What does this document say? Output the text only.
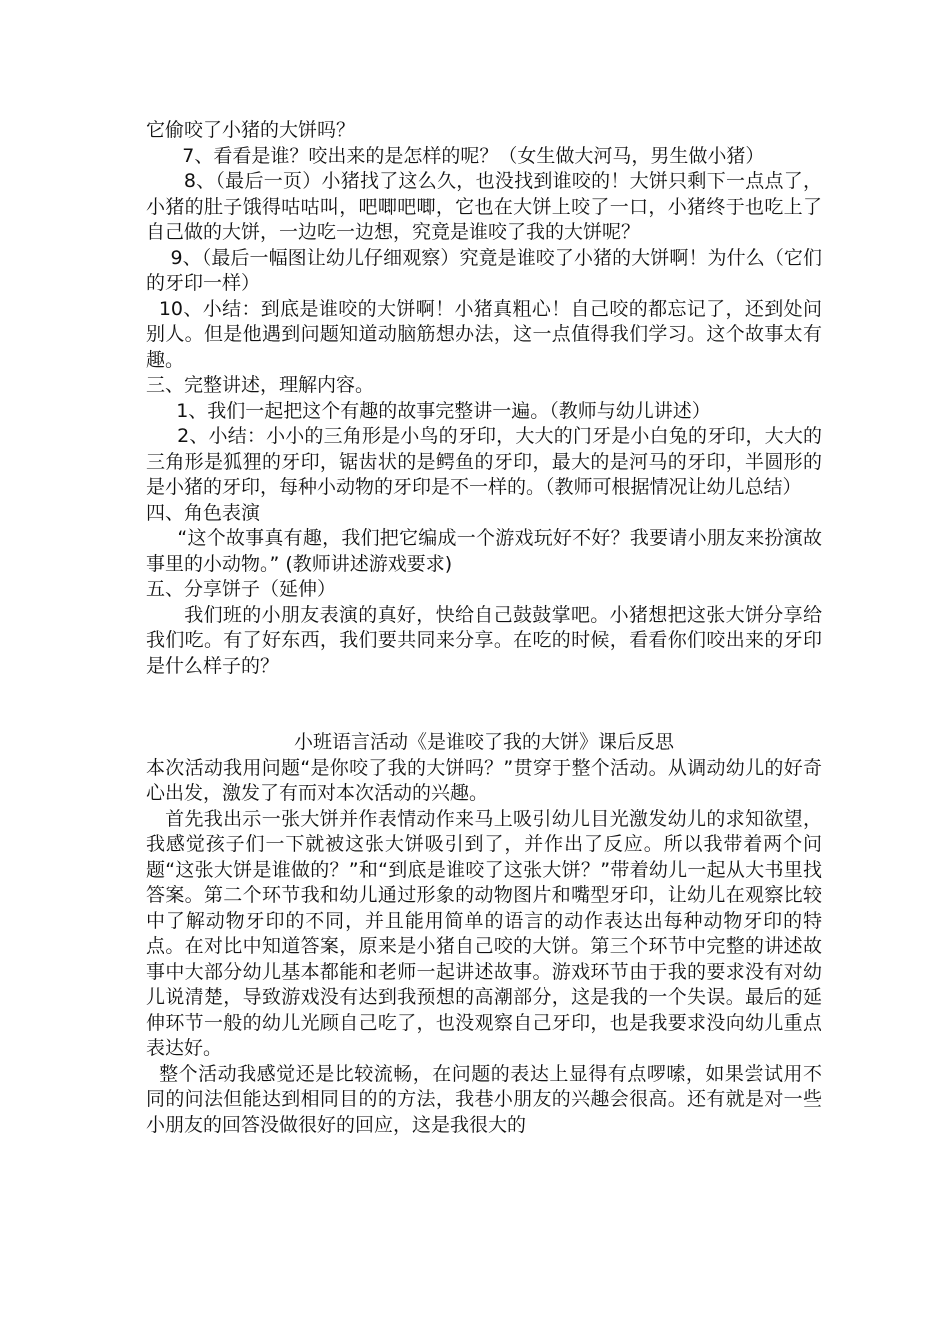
它偷咬了小猪的大饼吗？

7、看看是谁？咬出来的是怎样的呢？（女生做大河马，男生做小猪）

8、（最后一页）小猪找了这么久，也没找到谁咬的！大饼只剩下一点点了，小猪的肚子饿得咕咕叫，吧唧吧唧，它也在大饼上咬了一口，小猪终于也吃上了自己做的大饼，一边吃一边想，究竟是谁咬了我的大饼呢？

9、（最后一幅图让幼儿仔细观察）究竟是谁咬了小猪的大饼啊！为什么（它们的牙印一样）

10、小结：到底是谁咬的大饼啊！小猪真粗心！自己咬的都忘记了，还到处问别人。但是他遇到问题知道动脑筋想办法，这一点值得我们学习。这个故事太有趣。

三、完整讲述，理解内容。

1、我们一起把这个有趣的故事完整讲一遍。（教师与幼儿讲述）

2、小结：小小的三角形是小鸟的牙印，大大的门牙是小白兔的牙印，大大的三角形是狐狸的牙印，锯齿状的是鳄鱼的牙印，最大的是河马的牙印，半圆形的是小猪的牙印，每种小动物的牙印是不一样的。（教师可根据情况让幼儿总结）

四、角色表演

“这个故事真有趣，我们把它编成一个游戏玩好不好？我要请小朋友来扮演故事里的小动物。” (教师讲述游戏要求)

五、分享饼子（延伸）

我们班的小朋友表演的真好，快给自己鼓鼓掌吧。小猪想把这张大饼分享给我们吃。有了好东西，我们要共同来分享。在吃的时候，看看你们咬出来的牙印是什么样子的？

小班语言活动《是谁咬了我的大饼》课后反思

本次活动我用问题“是你咬了我的大饼吗？”贯穿于整个活动。从调动幼儿的好奇心出发，激发了有而对本次活动的兴趣。

首先我出示一张大饼并作表情动作来马上吸引幼儿目光激发幼儿的求知欲望，我感觉孩子们一下就被这张大饼吸引到了，并作出了反应。所以我带着两个问题“这张大饼是谁做的？”和“到底是谁咬了这张大饼？”带着幼儿一起从大书里找答案。第二个环节我和幼儿通过形象的动物图片和嘴型牙印，让幼儿在观察比较中了解动物牙印的不同，并且能用简单的语言的动作表达出每种动物牙印的特点。在对比中知道答案，原来是小猪自己咬的大饼。第三个环节中完整的讲述故事中大部分幼儿基本都能和老师一起讲述故事。游戏环节由于我的要求没有对幼儿说清楚，导致游戏没有达到我预想的高潮部分，这是我的一个失误。最后的延伸环节一般的幼儿光顾自己吃了，也没观察自己牙印，也是我要求没向幼儿重点表达好。

整个活动我感觉还是比较流畅，在问题的表达上显得有点啰嗦，如果尝试用不同的问法但能达到相同目的的方法，我巷小朋友的兴趣会很高。还有就是对一些小朋友的回答没做很好的回应，这是我很大的
